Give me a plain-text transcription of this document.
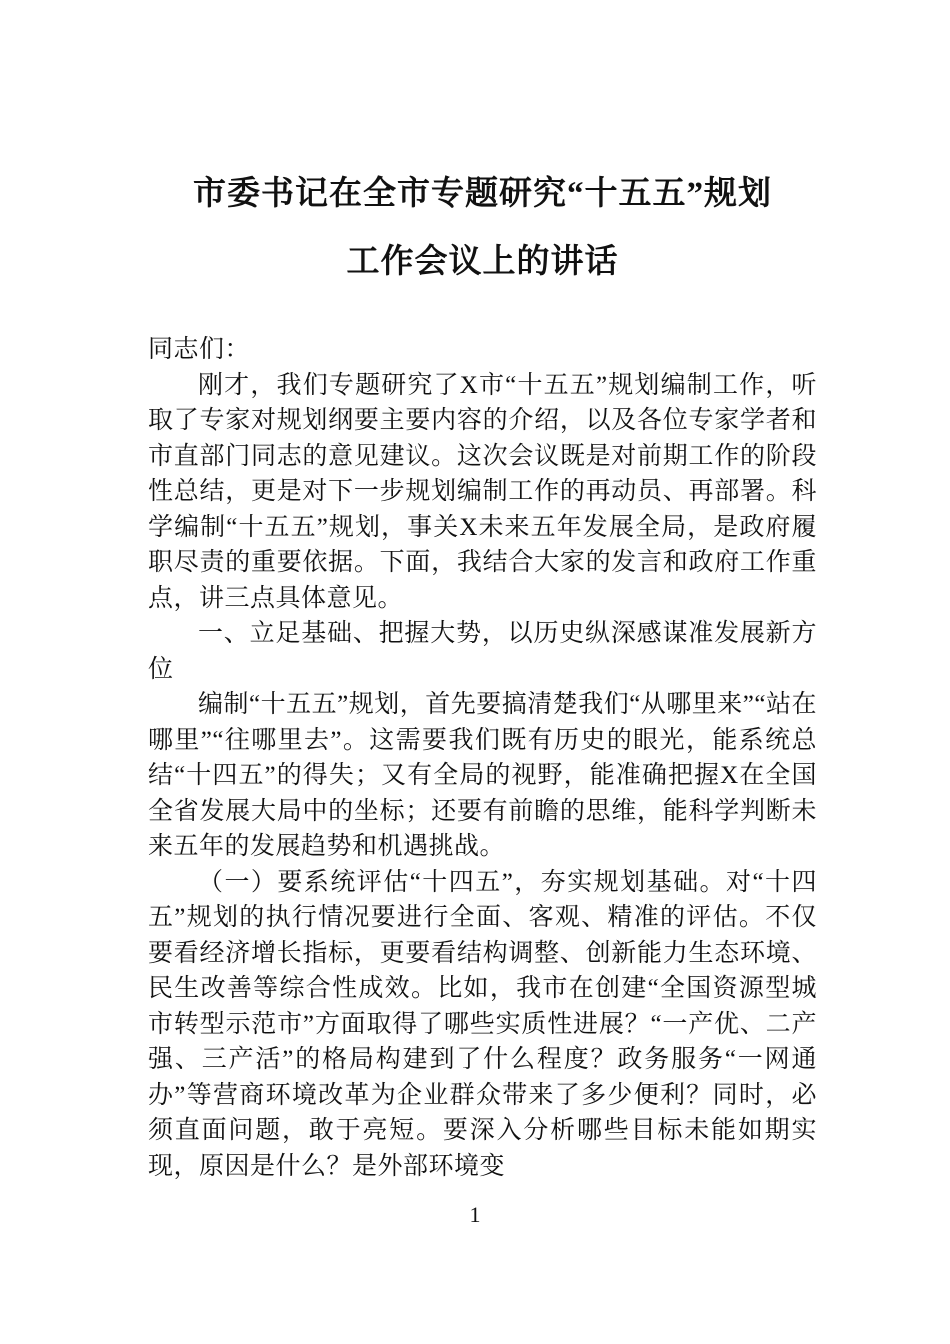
市委书记在全市专题研究“十五五”规划
工作会议上的讲话

同志们：

刚才，我们专题研究了X市“十五五”规划编制工作，听取了专家对规划纲要主要内容的介绍，以及各位专家学者和市直部门同志的意见建议。这次会议既是对前期工作的阶段性总结，更是对下一步规划编制工作的再动员、再部署。科学编制“十五五”规划，事关X未来五年发展全局，是政府履职尽责的重要依据。下面，我结合大家的发言和政府工作重点，讲三点具体意见。

一、立足基础、把握大势，以历史纵深感谋准发展新方位

编制“十五五”规划，首先要搞清楚我们“从哪里来”“站在哪里”“往哪里去”。这需要我们既有历史的眼光，能系统总结“十四五”的得失；又有全局的视野，能准确把握X在全国全省发展大局中的坐标；还要有前瞻的思维，能科学判断未来五年的发展趋势和机遇挑战。

（一）要系统评估“十四五”，夯实规划基础。对“十四五”规划的执行情况要进行全面、客观、精准的评估。不仅要看经济增长指标，更要看结构调整、创新能力生态环境、民生改善等综合性成效。比如，我市在创建“全国资源型城市转型示范市”方面取得了哪些实质性进展？“一产优、二产强、三产活”的格局构建到了什么程度？政务服务“一网通办”等营商环境改革为企业群众带来了多少便利？同时，必须直面问题，敢于亮短。要深入分析哪些目标未能如期实现，原因是什么？是外部环境变

1
